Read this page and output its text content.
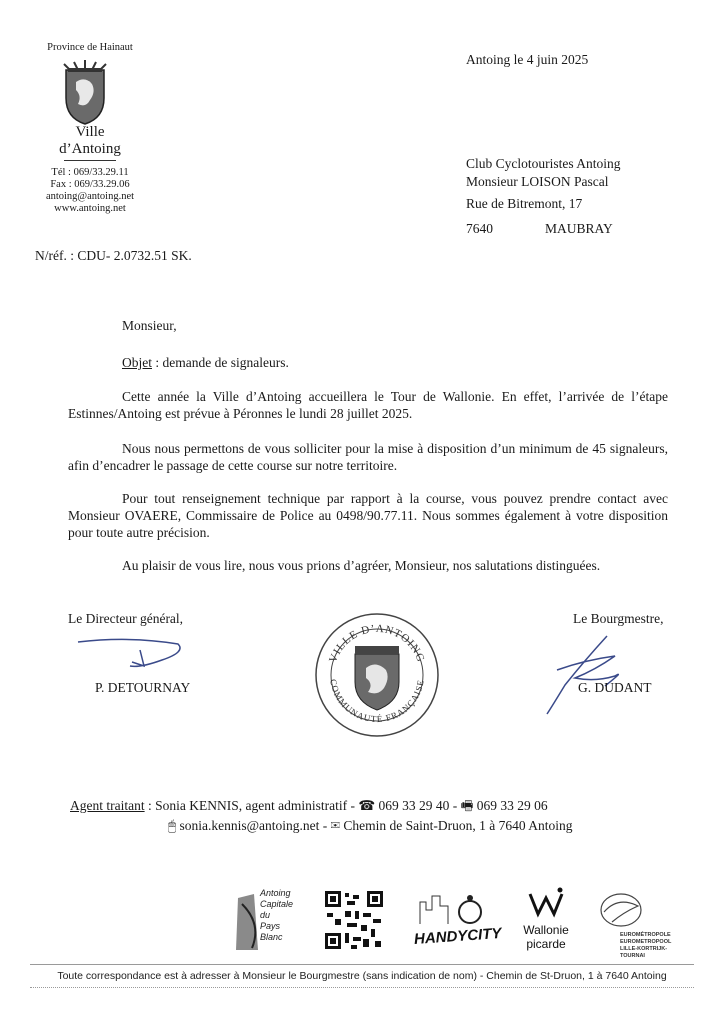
Province de Hainaut
Ville
d’Antoing
Tél : 069/33.29.11
Fax : 069/33.29.06
antoing@antoing.net
www.antoing.net
Antoing le 4 juin 2025
Club Cyclotouristes Antoing
Monsieur LOISON Pascal
Rue de Bitremont, 17
7640	MAUBRAY
N/réf. : CDU- 2.0732.51 SK.
Monsieur,
Objet : demande de signaleurs.
Cette année la Ville d’Antoing accueillera le Tour de Wallonie. En effet, l’arrivée de l’étape Estinnes/Antoing est prévue à Péronnes le lundi 28 juillet 2025.
Nous nous permettons de vous solliciter pour la mise à disposition d’un minimum de 45 signaleurs, afin d’encadrer le passage de cette course sur notre territoire.
Pour tout renseignement technique par rapport à la course, vous pouvez prendre contact avec Monsieur OVAERE, Commissaire de Police au 0498/90.77.11. Nous sommes également à votre disposition pour toute autre précision.
Au plaisir de vous lire, nous vous prions d’agréer, Monsieur, nos salutations distinguées.
Le Directeur général,
P. DETOURNAY
Le Bourgmestre,
G. DUDANT
VILLE D’ANTOING
COMMUNAUTÉ FRANÇAISE
Agent traitant : Sonia KENNIS, agent administratif - ☎ 069 33 29 40 - 🖷 069 33 29 06
🖱 sonia.kennis@antoing.net - ✉ Chemin de Saint-Druon, 1 à 7640 Antoing
Antoing
Capitale
du
Pays Blanc	HANDYCITY	Wallonie
picarde
EUROMÉTROPOLE
EUROMETROPOOL
LILLE-KORTRIJK-TOURNAI
Toute correspondance est à adresser à Monsieur le Bourgmestre (sans indication de nom) - Chemin de St-Druon, 1 à 7640 Antoing
